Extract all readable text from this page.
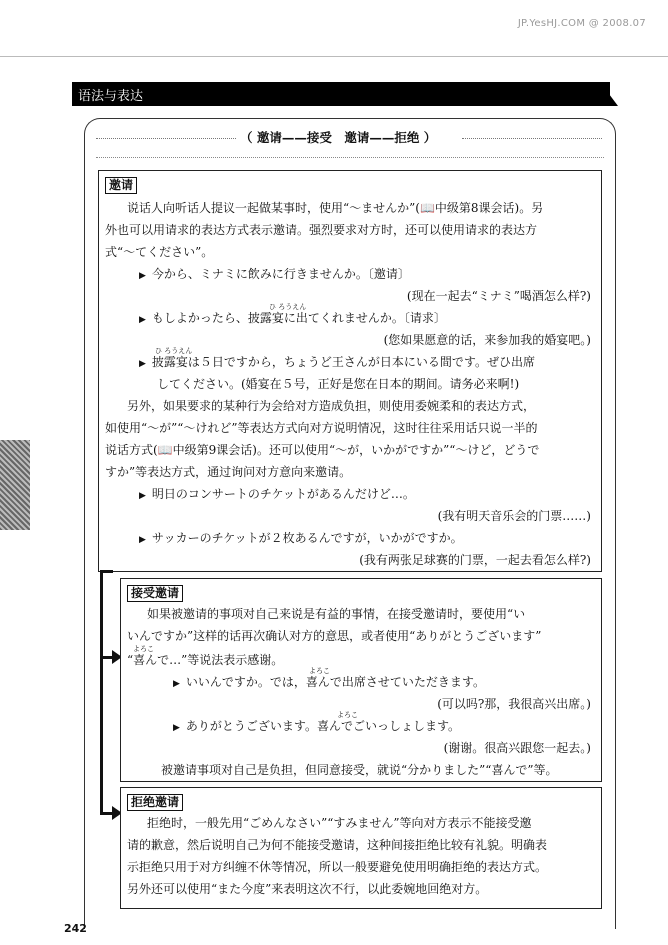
JP.YesHJ.COM @ 2008.07
语法与表达
（ 邀请——接受　邀请——拒绝 ）
邀请
说话人向听话人提议一起做某事时，使用“～ませんか”(📖中级第8课会话)。另
外也可以用请求的表达方式表示邀请。强烈要求对方时，还可以使用请求的表达方
式“～てください”。
▶ 今から、ミナミに飲みに行きませんか。〔邀请〕
(现在一起去“ミナミ”喝酒怎么样?)
ひ ろうえん
▶ もしよかったら、披露宴に出てくれませんか。〔请求〕
(您如果愿意的话，来参加我的婚宴吧。)
ひ ろうえん
▶ 披露宴は５日ですから，ちょうど王さんが日本にいる間です。ぜひ出席
してください。(婚宴在５号，正好是您在日本的期间。请务必来啊!)
另外，如果要求的某种行为会给对方造成负担，则使用委婉柔和的表达方式，
如使用“～が”“～けれど”等表达方式向对方说明情况，这时往往采用话只说一半的
说话方式(📖中级第9课会话)。还可以使用“～が，いかがですか”“～けど，どうで
すか”等表达方式，通过询问对方意向来邀请。
▶ 明日のコンサートのチケットがあるんだけど…。
(我有明天音乐会的门票……)
▶ サッカーのチケットが２枚あるんですが，いかがですか。
(我有两张足球赛的门票，一起去看怎么样?)
接受邀请
如果被邀请的事项对自己来说是有益的事情，在接受邀请时，要使用“い
いんですか”这样的话再次确认对方的意思，或者使用“ありがとうございます”
よろこ
“喜んで…”等说法表示感谢。
よろこ
▶ いいんですか。では，喜んで出席させていただきます。
(可以吗?那，我很高兴出席。)
よろこ
▶ ありがとうございます。喜んでごいっしょします。
(谢谢。很高兴跟您一起去。)
被邀请事项对自己是负担，但同意接受，就说“分かりました”“喜んで”等。
拒绝邀请
拒绝时，一般先用“ごめんなさい”“すみません”等向对方表示不能接受邀
请的歉意，然后说明自己为何不能接受邀请，这种间接拒绝比较有礼貌。明确表
示拒绝只用于对方纠缠不休等情况，所以一般要避免使用明确拒绝的表达方式。
另外还可以使用“また今度”来表明这次不行，以此委婉地回绝对方。
242
